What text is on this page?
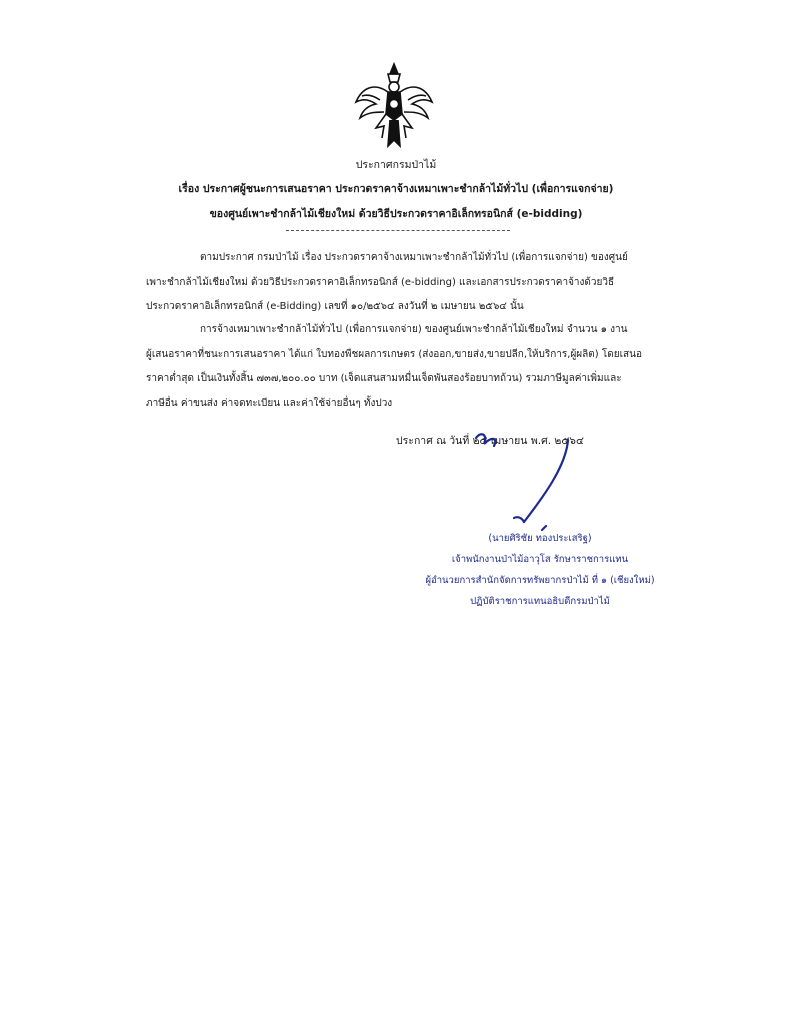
ประกาศกรมป่าไม้
เรื่อง ประกาศผู้ชนะการเสนอราคา ประกวดราคาจ้างเหมาเพาะชำกล้าไม้ทั่วไป (เพื่อการแจกจ่าย)
ของศูนย์เพาะชำกล้าไม้เชียงใหม่ ด้วยวิธีประกวดราคาอิเล็กทรอนิกส์ (e-bidding)
ตามประกาศ กรมป่าไม้ เรื่อง ประกวดราคาจ้างเหมาเพาะชำกล้าไม้ทั่วไป (เพื่อการแจกจ่าย) ของศูนย์
เพาะชำกล้าไม้เชียงใหม่ ด้วยวิธีประกวดราคาอิเล็กทรอนิกส์ (e-bidding) และเอกสารประกวดราคาจ้างด้วยวิธี
ประกวดราคาอิเล็กทรอนิกส์ (e-Bidding) เลขที่ ๑๐/๒๕๖๔ ลงวันที่ ๒ เมษายน ๒๕๖๔ นั้น
การจ้างเหมาเพาะชำกล้าไม้ทั่วไป (เพื่อการแจกจ่าย) ของศูนย์เพาะชำกล้าไม้เชียงใหม่ จำนวน ๑ งาน
ผู้เสนอราคาที่ชนะการเสนอราคา ได้แก่ ใบทองพืชผลการเกษตร (ส่งออก,ขายส่ง,ขายปลีก,ให้บริการ,ผู้ผลิต) โดยเสนอ
ราคาต่ำสุด เป็นเงินทั้งสิ้น ๗๓๗,๒๐๐.๐๐ บาท (เจ็ดแสนสามหมื่นเจ็ดพันสองร้อยบาทถ้วน) รวมภาษีมูลค่าเพิ่มและ
ภาษีอื่น ค่าขนส่ง ค่าจดทะเบียน และค่าใช้จ่ายอื่นๆ ทั้งปวง
ประกาศ ณ วันที่ ๒๕ เมษายน พ.ศ. ๒๕๖๔
(นายศิริชัย ทองประเสริฐ)
เจ้าพนักงานป่าไม้อาวุโส รักษาราชการแทน
ผู้อำนวยการสำนักจัดการทรัพยากรป่าไม้ ที่ ๑ (เชียงใหม่)
ปฏิบัติราชการแทนอธิบดีกรมป่าไม้
